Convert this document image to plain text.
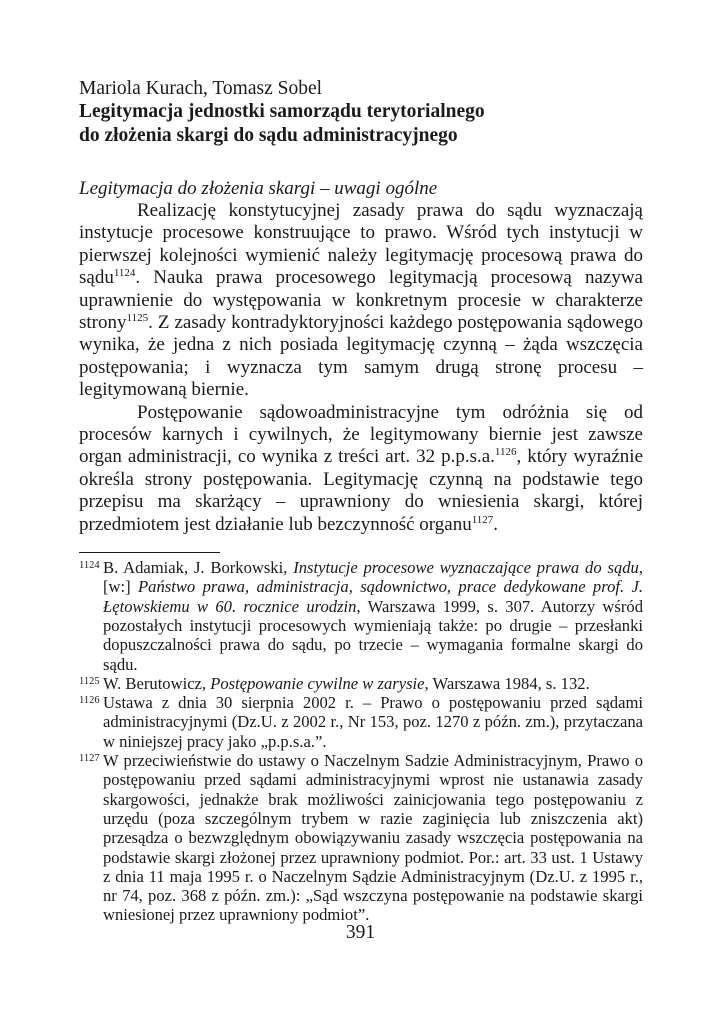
Mariola Kurach, Tomasz Sobel

Legitymacja jednostki samorządu terytorialnego
do złożenia skargi do sądu administracyjnego

Legitymacja do złożenia skargi – uwagi ogólne

Realizację konstytucyjnej zasady prawa do sądu wyznaczają instytucje procesowe konstruujące to prawo. Wśród tych instytucji w pierwszej kolejności wymienić należy legitymację procesową prawa do sądu$^{1124}$. Nauka prawa procesowego legitymacją procesową nazywa uprawnienie do występowania w konkretnym procesie w charakterze strony$^{1125}$. Z zasady kontradyktoryjności każdego postępowania sądowego wynika, że jedna z nich posiada legitymację czynną – żąda wszczęcia postępowania; i wyznacza tym samym drugą stronę procesu – legitymowaną biernie.

Postępowanie sądowoadministracyjne tym odróżnia się od procesów karnych i cywilnych, że legitymowany biernie jest zawsze organ administracji, co wynika z treści art. 32 p.p.s.a.$^{1126}$, który wyraźnie określa strony postępowania. Legitymację czynną na podstawie tego przepisu ma skarżący – uprawniony do wniesienia skargi, której przedmiotem jest działanie lub bezczynność organu$^{1127}$.

1124 B. Adamiak, J. Borkowski, Instytucje procesowe wyznaczające prawa do sądu, [w:] Państwo prawa, administracja, sądownictwo, prace dedykowane prof. J. Łętowskiemu w 60. rocznice urodzin, Warszawa 1999, s. 307. Autorzy wśród pozostałych instytucji procesowych wymieniają także: po drugie – przesłanki dopuszczalności prawa do sądu, po trzecie – wymagania formalne skargi do sądu.

1125 W. Berutowicz, Postępowanie cywilne w zarysie, Warszawa 1984, s. 132.

1126 Ustawa z dnia 30 sierpnia 2002 r. – Prawo o postępowaniu przed sądami administracyjnymi (Dz.U. z 2002 r., Nr 153, poz. 1270 z późn. zm.), przytaczana w niniejszej pracy jako „p.p.s.a.”.

1127 W przeciwieństwie do ustawy o Naczelnym Sadzie Administracyjnym, Prawo o postępowaniu przed sądami administracyjnymi wprost nie ustanawia zasady skargowości, jednakże brak możliwości zainicjowania tego postępowaniu z urzędu (poza szczególnym trybem w razie zaginięcia lub zniszczenia akt) przesądza o bezwzględnym obowiązywaniu zasady wszczęcia postępowania na podstawie skargi złożonej przez uprawniony podmiot. Por.: art. 33 ust. 1 Ustawy z dnia 11 maja 1995 r. o Naczelnym Sądzie Administracyjnym (Dz.U. z 1995 r., nr 74, poz. 368 z późn. zm.): „Sąd wszczyna postępowanie na podstawie skargi wniesionej przez uprawniony podmiot”.

391
